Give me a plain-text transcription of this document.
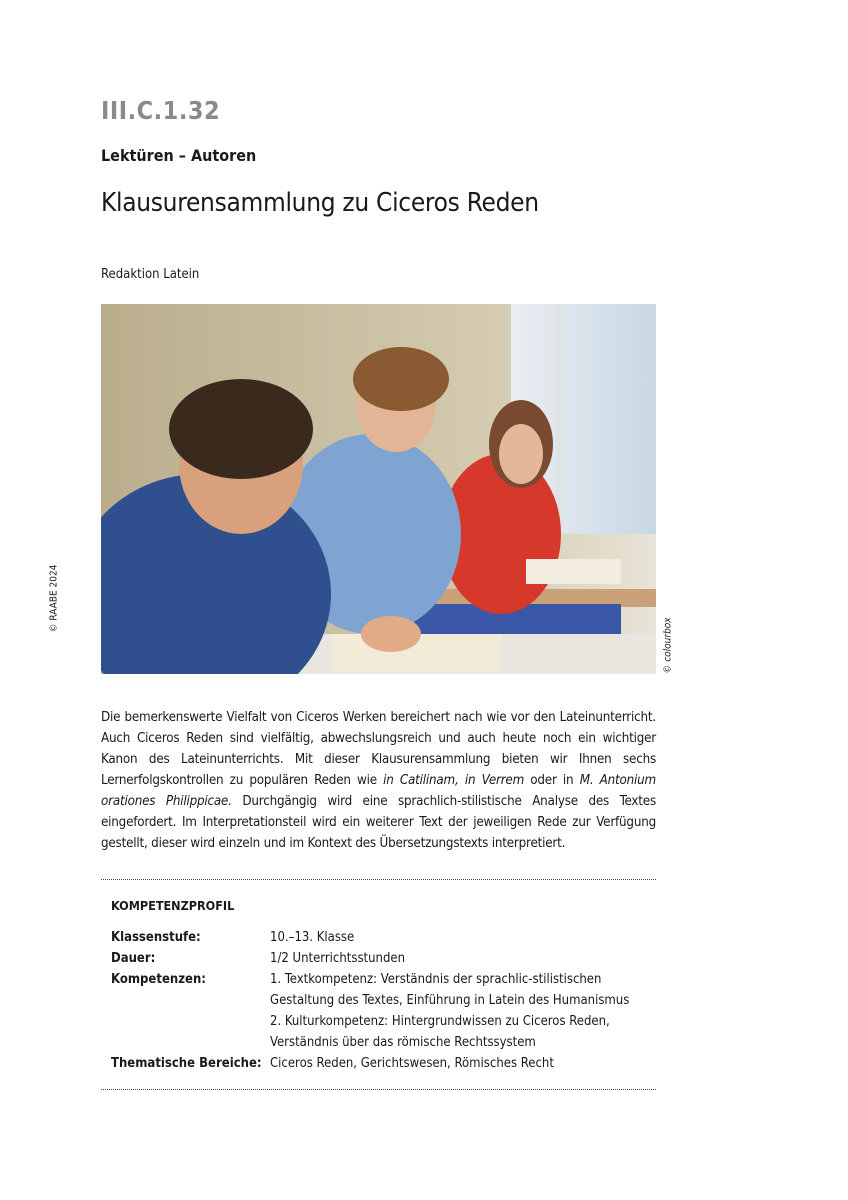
III.C.1.32
Lektüren – Autoren
Klausurensammlung zu Ciceros Reden
Redaktion Latein
© RAABE 2024
© colourbox
Die bemerkenswerte Vielfalt von Ciceros Werken bereichert nach wie vor den Lateinunterricht. Auch Ciceros Reden sind vielfältig, abwechslungsreich und auch heute noch ein wichtiger Kanon des Lateinunterrichts. Mit dieser Klausurensammlung bieten wir Ihnen sechs Lernerfolgskontrollen zu populären Reden wie in Catilinam, in Verrem oder in M. Antonium orationes Philippicae. Durchgängig wird eine sprachlich-stilistische Analyse des Textes eingefordert. Im Interpretationsteil wird ein weiterer Text der jeweiligen Rede zur Verfügung gestellt, dieser wird einzeln und im Kontext des Übersetzungstexts interpretiert.
KOMPETENZPROFIL
Klassenstufe:	10.–13. Klasse
Dauer:	1/2 Unterrichtsstunden
Kompetenzen:	1. Textkompetenz: Verständnis der sprachlic-stilistischen Gestaltung des Textes, Einführung in Latein des Humanismus 2. Kulturkompetenz: Hintergrundwissen zu Ciceros Reden, Verständnis über das römische Rechtssystem
Thematische Bereiche: Ciceros Reden, Gerichtswesen, Römisches Recht
